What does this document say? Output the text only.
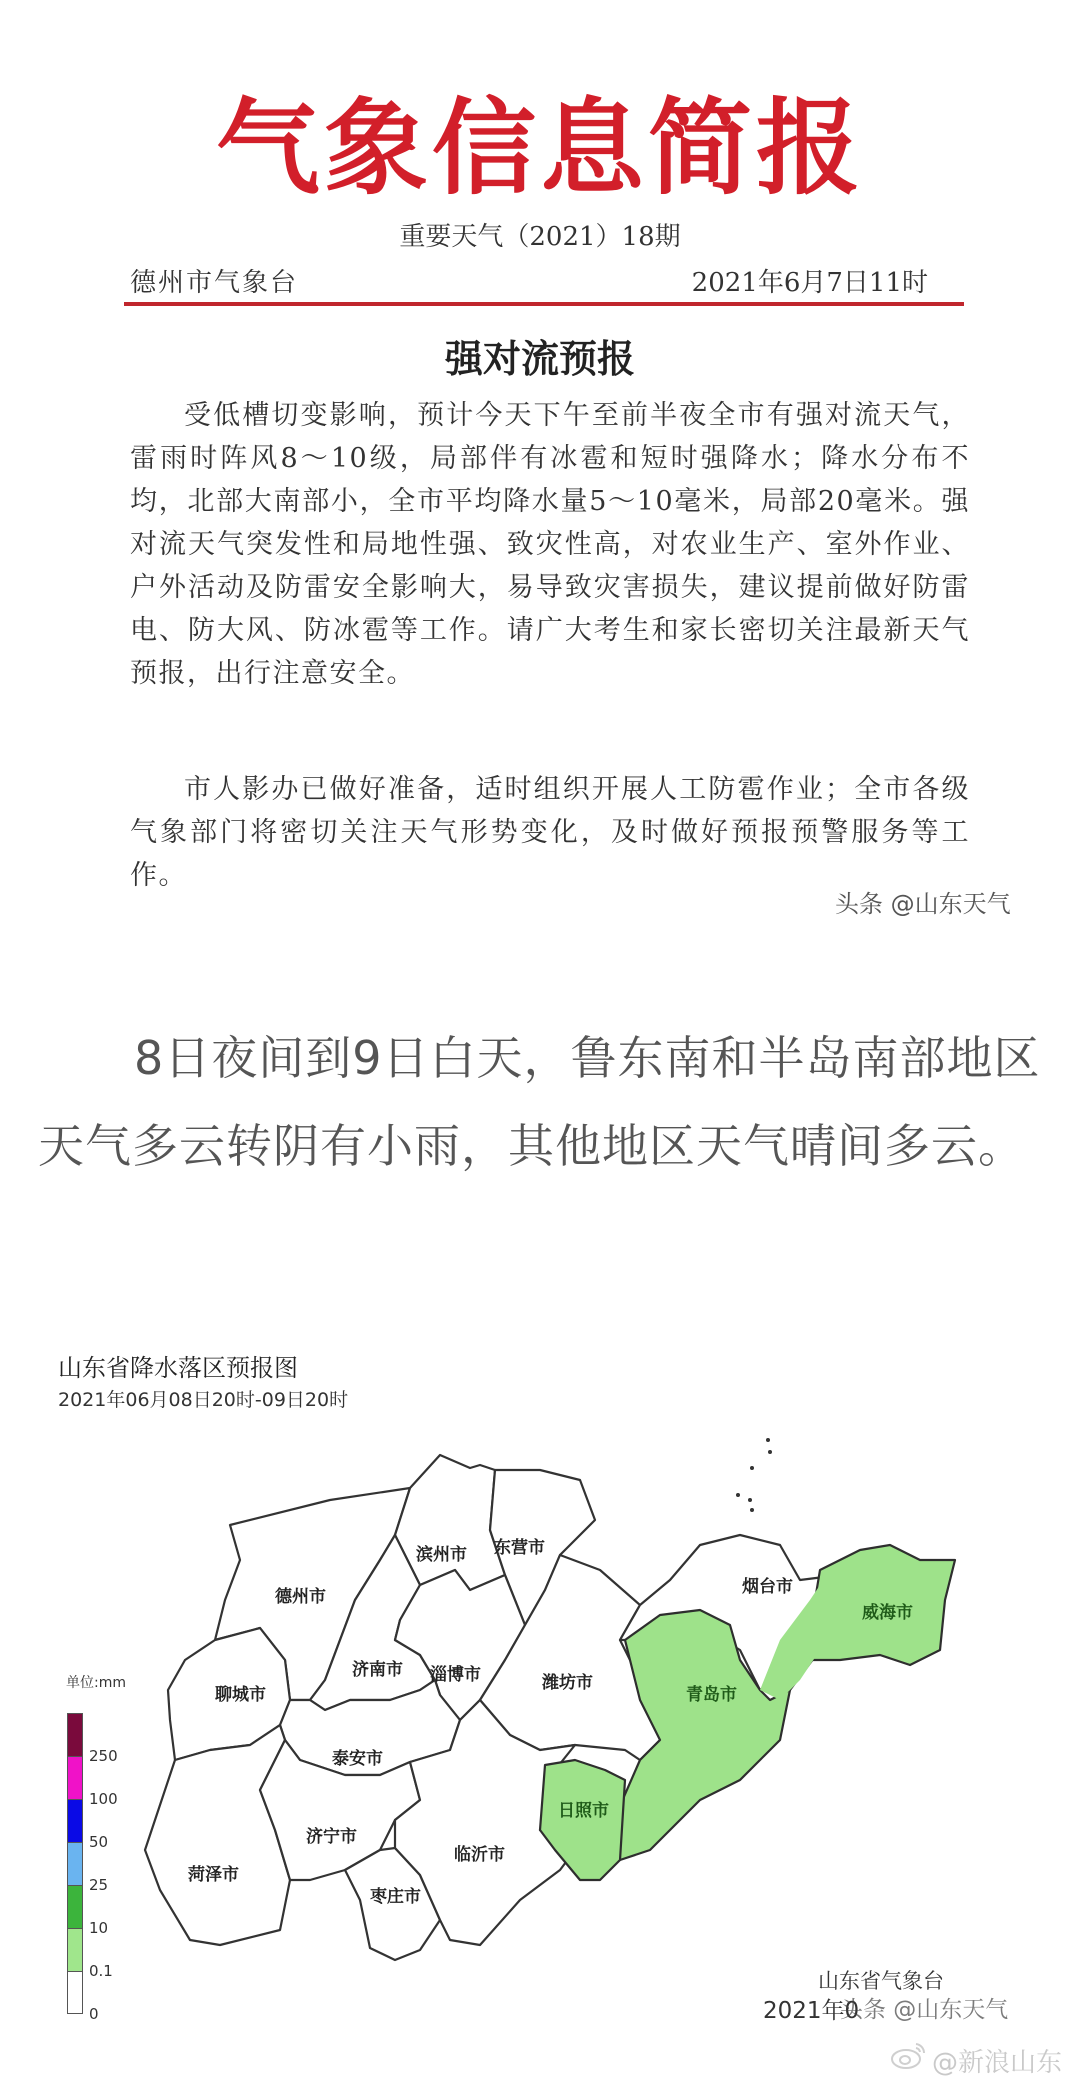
气象信息简报
重要天气（2021）18期
德州市气象台	2021年6月7日11时
强对流预报
受低槽切变影响，预计今天下午至前半夜全市有强对流天气，雷雨时阵风8～10级，局部伴有冰雹和短时强降水；降水分布不均，北部大南部小，全市平均降水量5～10毫米，局部20毫米。强对流天气突发性和局地性强、致灾性高，对农业生产、室外作业、户外活动及防雷安全影响大，易导致灾害损失，建议提前做好防雷电、防大风、防冰雹等工作。请广大考生和家长密切关注最新天气预报，出行注意安全。
市人影办已做好准备，适时组织开展人工防雹作业；全市各级气象部门将密切关注天气形势变化，及时做好预报预警服务等工作。
头条 @山东天气
8日夜间到9日白天，鲁东南和半岛南部地区天气多云转阴有小雨，其他地区天气晴间多云。
山东省降水落区预报图
2021年06月08日20时-09日20时
滨州市 东营市
德州市	烟台市
威海市
济南市 淄博市	潍坊市
聊城市	青岛市
泰安市
日照市
济宁市
临沂市
菏泽市
枣庄市
单位:mm
250
100
50
25
10
0.1
0
山东省气象台
2021年0
头条 @山东天气
@新浪山东
